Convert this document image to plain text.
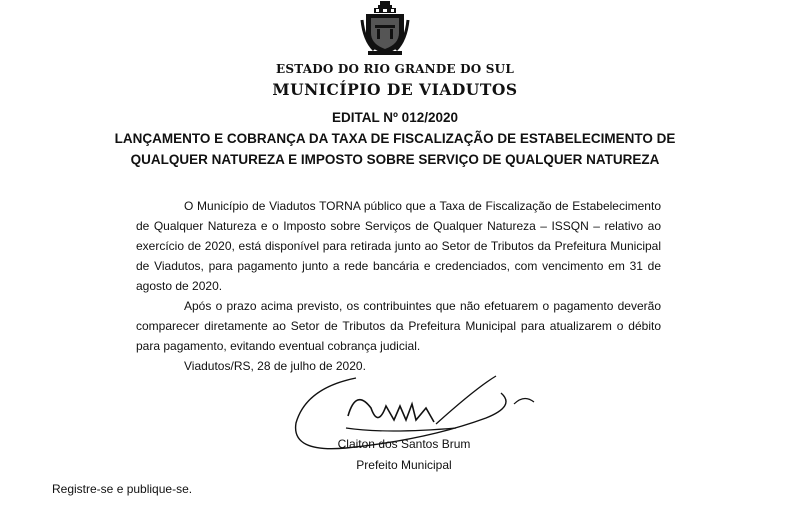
ESTADO DO RIO GRANDE DO SUL
MUNICÍPIO DE VIADUTOS
EDITAL Nº 012/2020
LANÇAMENTO E COBRANÇA DA TAXA DE FISCALIZAÇÃO DE ESTABELECIMENTO DE
QUALQUER NATUREZA E IMPOSTO SOBRE SERVIÇO DE QUALQUER NATUREZA

O Município de Viadutos TORNA público que a Taxa de Fiscalização de Estabelecimento de Qualquer Natureza e o Imposto sobre Serviços de Qualquer Natureza – ISSQN – relativo ao exercício de 2020, está disponível para retirada junto ao Setor de Tributos da Prefeitura Municipal de Viadutos, para pagamento junto a rede bancária e credenciados, com vencimento em 31 de agosto de 2020.

Após o prazo acima previsto, os contribuintes que não efetuarem o pagamento deverão comparecer diretamente ao Setor de Tributos da Prefeitura Municipal para atualizarem o débito para pagamento, evitando eventual cobrança judicial.

Viadutos/RS, 28 de julho de 2020.

Claiton dos Santos Brum
Prefeito Municipal
Registre-se e publique-se.
